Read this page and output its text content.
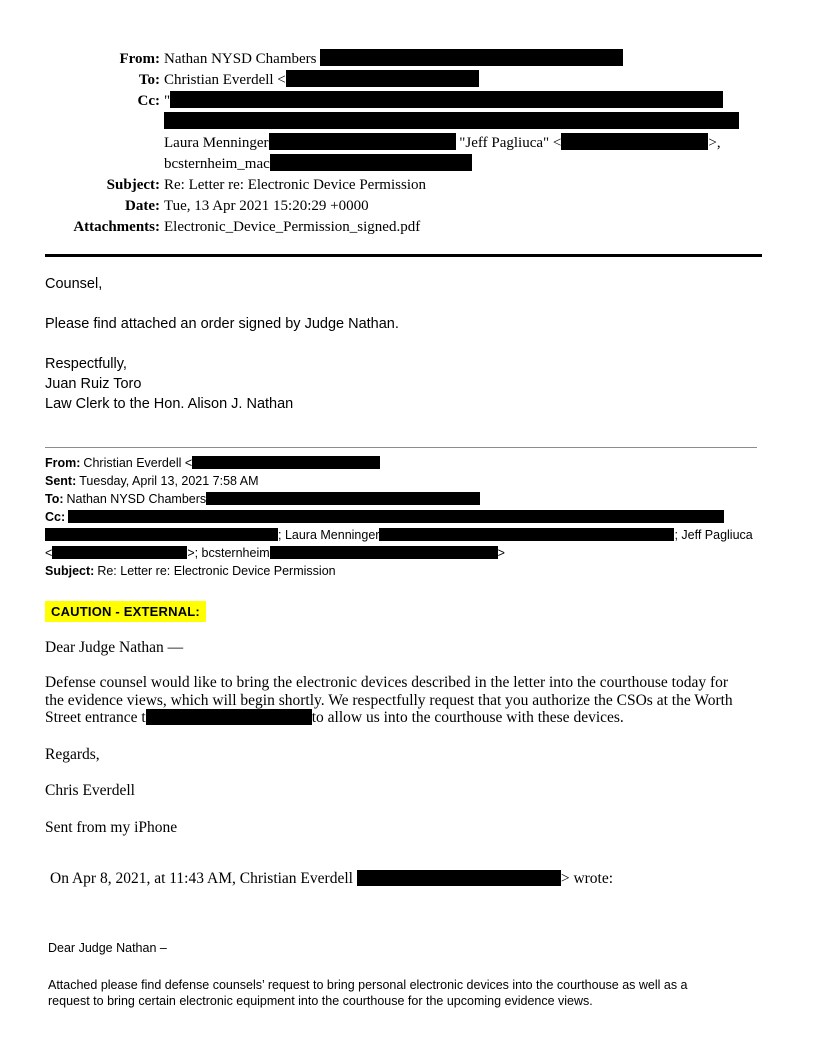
From: Nathan NYSD Chambers
To: Christian Everdell <
Cc: "
Laura Menninger	"Jeff Pagliuca" <	>,
bcsternheim_mac
Subject: Re: Letter re: Electronic Device Permission
Date: Tue, 13 Apr 2021 15:20:29 +0000
Attachments: Electronic_Device_Permission_signed.pdf
Counsel,

Please find attached an order signed by Judge Nathan.

Respectfully,
Juan Ruiz Toro
Law Clerk to the Hon. Alison J. Nathan
From: Christian Everdell <
Sent: Tuesday, April 13, 2021 7:58 AM
To: Nathan NYSD Chambers
Cc:
; Laura Menninger	; Jeff Pagliuca
<	>; bcsternheim	>
Subject: Re: Letter re: Electronic Device Permission
CAUTION - EXTERNAL:
Dear Judge Nathan —
Defense counsel would like to bring the electronic devices described in the letter into the courthouse today for
the evidence views, which will begin shortly. We respectfully request that you authorize the CSOs at the Worth
Street entrance t	to allow us into the courthouse with these devices.
Regards,
Chris Everdell
Sent from my iPhone
On Apr 8, 2021, at 11:43 AM, Christian Everdell	> wrote:
Dear Judge Nathan –
Attached please find defense counsels’ request to bring personal electronic devices into the courthouse as well as a
request to bring certain electronic equipment into the courthouse for the upcoming evidence views.
